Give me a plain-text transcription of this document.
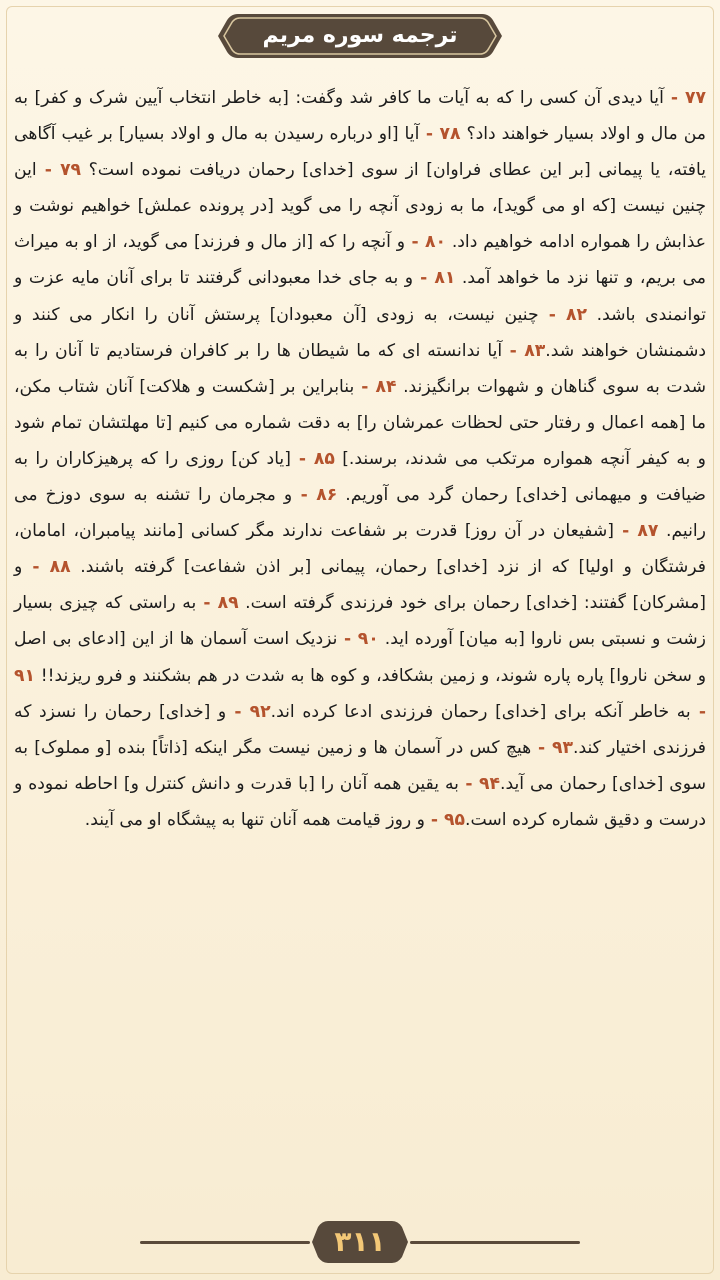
ترجمه سوره مریم

۷۷ - آیا دیدی آن کسی را که به آیات ما کافر شد وگفت: [به خاطر انتخاب آیین شرک و کفر] به من مال و اولاد بسیار خواهند داد؟ ۷۸ - آیا [او درباره رسیدن به مال و اولاد بسیار] بر غیب آگاهی یافته، یا پیمانی [بر این عطای فراوان] از سوی [خدای] رحمان دریافت نموده است؟ ۷۹ - این چنین نیست [که او می گوید]، ما به زودی آنچه را می گوید [در پرونده عملش] خواهیم نوشت و عذابش را همواره ادامه خواهیم داد. ۸۰ - و آنچه را که [از مال و فرزند] می گوید، از او به میراث می بریم، و تنها نزد ما خواهد آمد. ۸۱ - و به جای خدا معبودانی گرفتند تا برای آنان مایه عزت و توانمندی باشد. ۸۲ - چنین نیست، به زودی [آن معبودان] پرستش آنان را انکار می کنند و دشمنشان خواهند شد.۸۳ - آیا ندانسته ای که ما شیطان ها را بر کافران فرستادیم تا آنان را به شدت به سوی گناهان و شهوات برانگیزند. ۸۴ - بنابراین بر [شکست و هلاکت] آنان شتاب مکن، ما [همه اعمال و رفتار حتی لحظات عمرشان را] به دقت شماره می کنیم [تا مهلتشان تمام شود و به کیفر آنچه همواره مرتکب می شدند، برسند.] ۸۵ - [یاد کن] روزی را که پرهیزکاران را به ضیافت و میهمانی [خدای] رحمان گرد می آوریم. ۸۶ - و مجرمان را تشنه به سوی دوزخ می رانیم. ۸۷ - [شفیعان در آن روز] قدرت بر شفاعت ندارند مگر کسانی [مانند پیامبران، امامان، فرشتگان و اولیا] که از نزد [خدای] رحمان، پیمانی [بر اذن شفاعت] گرفته باشند. ۸۸ - و [مشرکان] گفتند: [خدای] رحمان برای خود فرزندی گرفته است. ۸۹ - به راستی که چیزی بسیار زشت و نسبتی بس ناروا [به میان] آورده اید. ۹۰ - نزدیک است آسمان ها از این [ادعای بی اصل و سخن ناروا] پاره پاره شوند، و زمین بشکافد، و کوه ها به شدت در هم بشکنند و فرو ریزند!! ۹۱ - به خاطر آنکه برای [خدای] رحمان فرزندی ادعا کرده اند.۹۲ - و [خدای] رحمان را نسزد که فرزندی اختیار کند.۹۳ - هیچ کس در آسمان ها و زمین نیست مگر اینکه [ذاتاً] بنده [و مملوک] به سوی [خدای] رحمان می آید.۹۴ - به یقین همه آنان را [با قدرت و دانش کنترل و] احاطه نموده و درست و دقیق شماره کرده است.۹۵ - و روز قیامت همه آنان تنها به پیشگاه او می آیند.

۳۱۱
